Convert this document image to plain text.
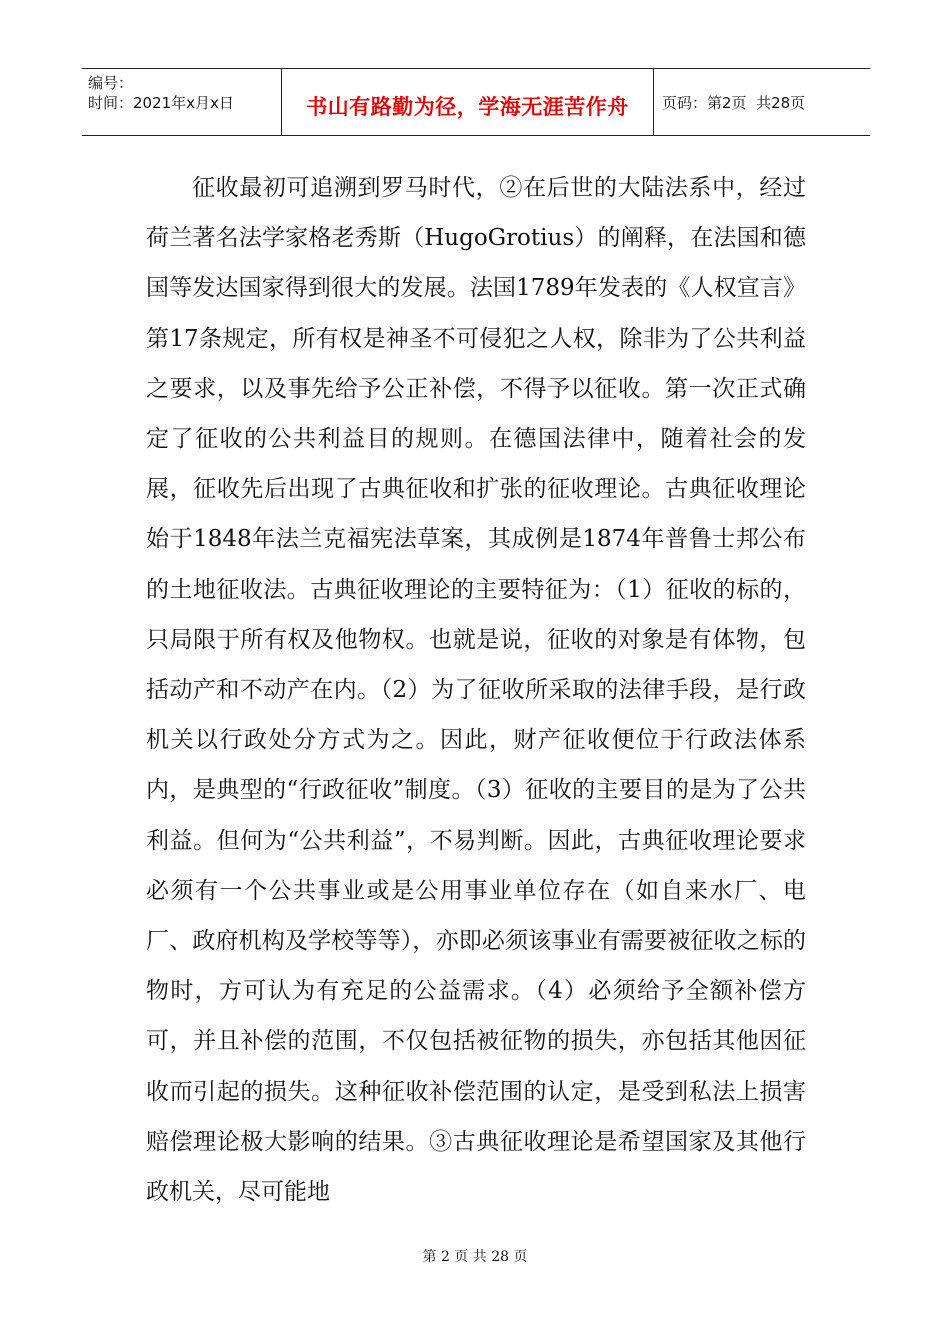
编号：
时间：2021年x月x日	书山有路勤为径，学海无涯苦作舟 页码：第2页  共28页

征收最初可追溯到罗马时代，②在后世的大陆法系中，经过荷兰著名法学家格老秀斯（HugoGrotius）的阐释，在法国和德国等发达国家得到很大的发展。法国1789年发表的《人权宣言》第17条规定，所有权是神圣不可侵犯之人权，除非为了公共利益之要求，以及事先给予公正补偿，不得予以征收。第一次正式确定了征收的公共利益目的规则。在德国法律中，随着社会的发展，征收先后出现了古典征收和扩张的征收理论。古典征收理论始于1848年法兰克福宪法草案，其成例是1874年普鲁士邦公布的土地征收法。古典征收理论的主要特征为：（1）征收的标的，只局限于所有权及他物权。也就是说，征收的对象是有体物，包括动产和不动产在内。（2）为了征收所采取的法律手段，是行政机关以行政处分方式为之。因此，财产征收便位于行政法体系内，是典型的“行政征收”制度。（3）征收的主要目的是为了公共利益。但何为“公共利益”，不易判断。因此，古典征收理论要求必须有一个公共事业或是公用事业单位存在（如自来水厂、电厂、政府机构及学校等等），亦即必须该事业有需要被征收之标的物时，方可认为有充足的公益需求。（4）必须给予全额补偿方可，并且补偿的范围，不仅包括被征物的损失，亦包括其他因征收而引起的损失。这种征收补偿范围的认定，是受到私法上损害赔偿理论极大影响的结果。③古典征收理论是希望国家及其他行政机关，尽可能地

第 2 页 共 28 页
